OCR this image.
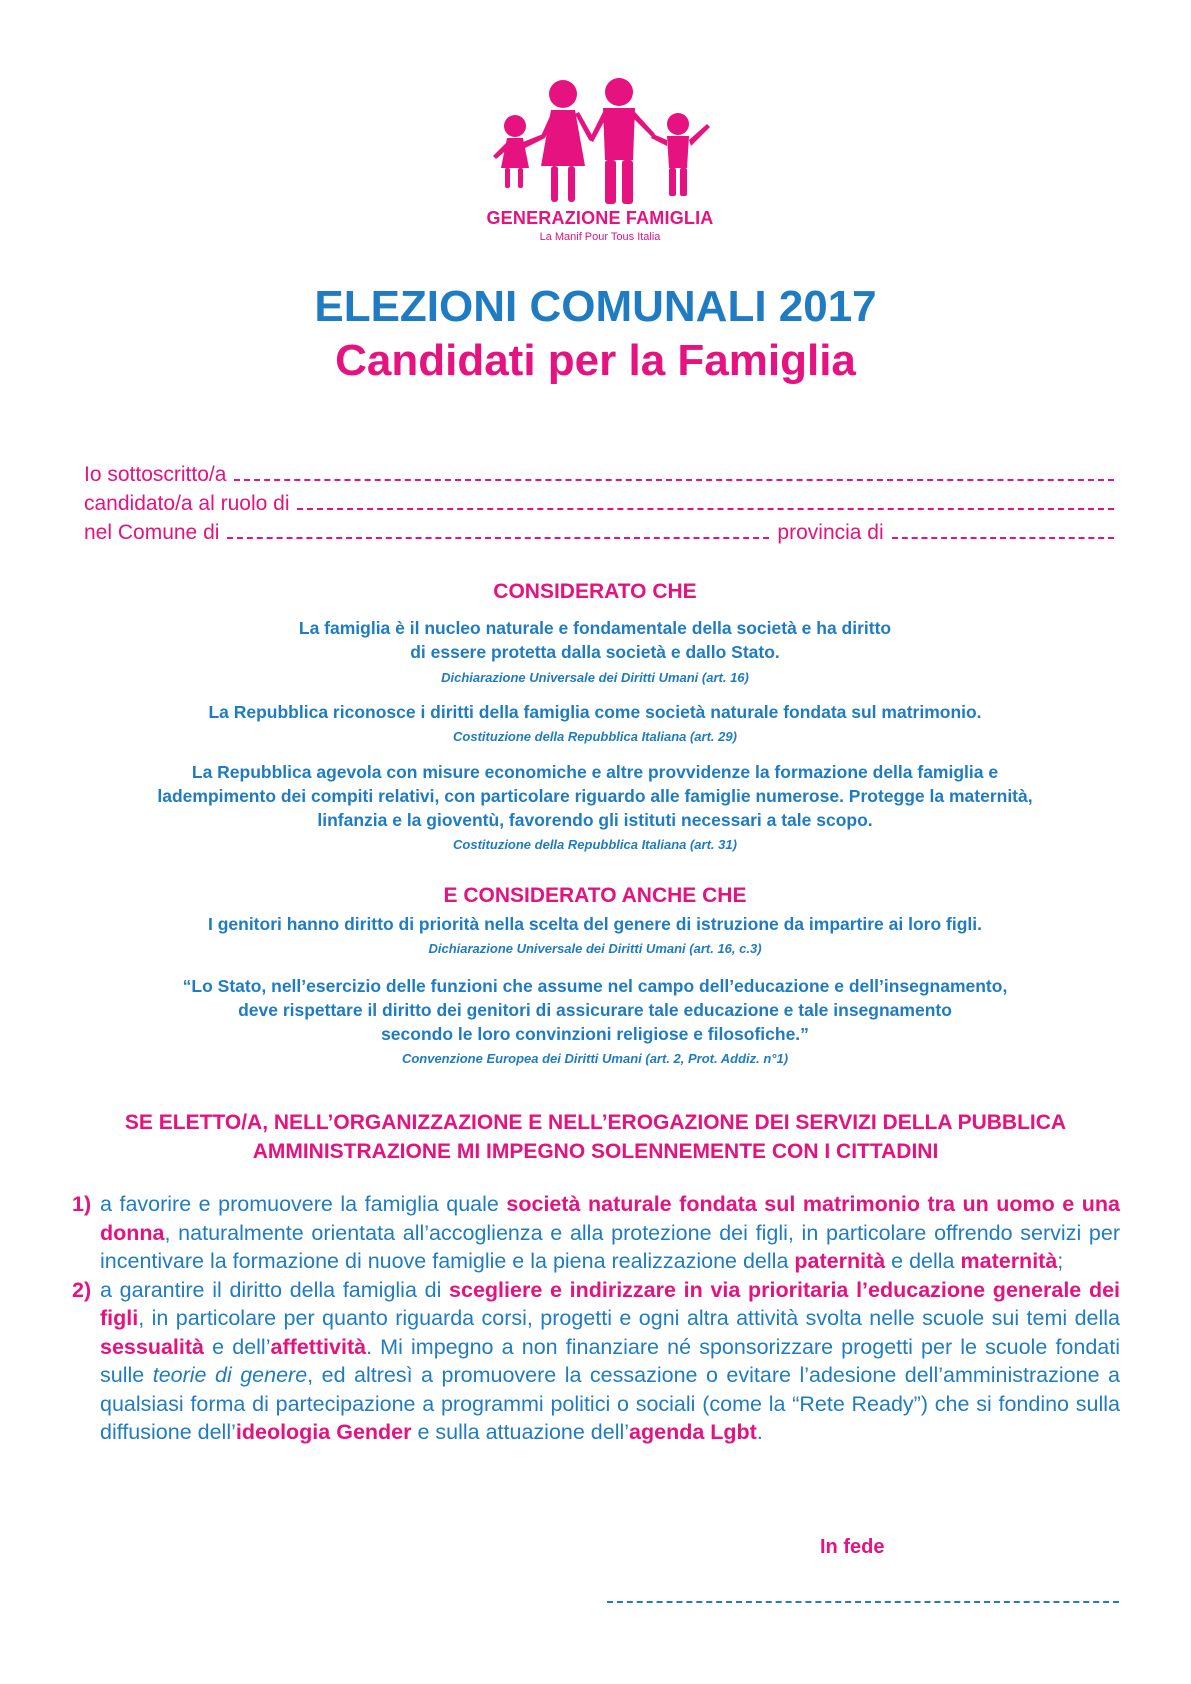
GENERAZIONE FAMIGLIA
La Manif Pour Tous Italia
ELEZIONI COMUNALI 2017
Candidati per la Famiglia
Io sottoscritto/a
candidato/a al ruolo di
nel Comune di	provincia di
CONSIDERATO CHE
La famiglia è il nucleo naturale e fondamentale della società e ha diritto
di essere protetta dalla società e dallo Stato.
Dichiarazione Universale dei Diritti Umani (art. 16)
La Repubblica riconosce i diritti della famiglia come società naturale fondata sul matrimonio.
Costituzione della Repubblica Italiana (art. 29)
La Repubblica agevola con misure economiche e altre provvidenze la formazione della famiglia e
ladempimento dei compiti relativi, con particolare riguardo alle famiglie numerose. Protegge la maternità,
linfanzia e la gioventù, favorendo gli istituti necessari a tale scopo.
Costituzione della Repubblica Italiana (art. 31)
E CONSIDERATO ANCHE CHE
I genitori hanno diritto di priorità nella scelta del genere di istruzione da impartire ai loro figli.
Dichiarazione Universale dei Diritti Umani (art. 16, c.3)
“Lo Stato, nell’esercizio delle funzioni che assume nel campo dell’educazione e dell’insegnamento,
deve rispettare il diritto dei genitori di assicurare tale educazione e tale insegnamento
secondo le loro convinzioni religiose e filosofiche.”
Convenzione Europea dei Diritti Umani (art. 2, Prot. Addiz. n°1)
SE ELETTO/A, NELL’ORGANIZZAZIONE E NELL’EROGAZIONE DEI SERVIZI DELLA PUBBLICA
AMMINISTRAZIONE MI IMPEGNO SOLENNEMENTE CON I CITTADINI
1) a favorire e promuovere la famiglia quale società naturale fondata sul matrimonio tra un uomo e una donna, naturalmente orientata all’accoglienza e alla protezione dei figli, in particolare offrendo servizi per incentivare la formazione di nuove famiglie e la piena realizzazione della paternità e della maternità;
2) a garantire il diritto della famiglia di scegliere e indirizzare in via prioritaria l’educazione generale dei figli, in particolare per quanto riguarda corsi, progetti e ogni altra attività svolta nelle scuole sui temi della sessualità e dell’affettività. Mi impegno a non finanziare né sponsorizzare progetti per le scuole fondati sulle teorie di genere, ed altresì a promuovere la cessazione o evitare l’adesione dell’amministrazione a qualsiasi forma di partecipazione a programmi politici o sociali (come la “Rete Ready”) che si fondino sulla diffusione dell’ideologia Gender e sulla attuazione dell’agenda Lgbt.
In fede
